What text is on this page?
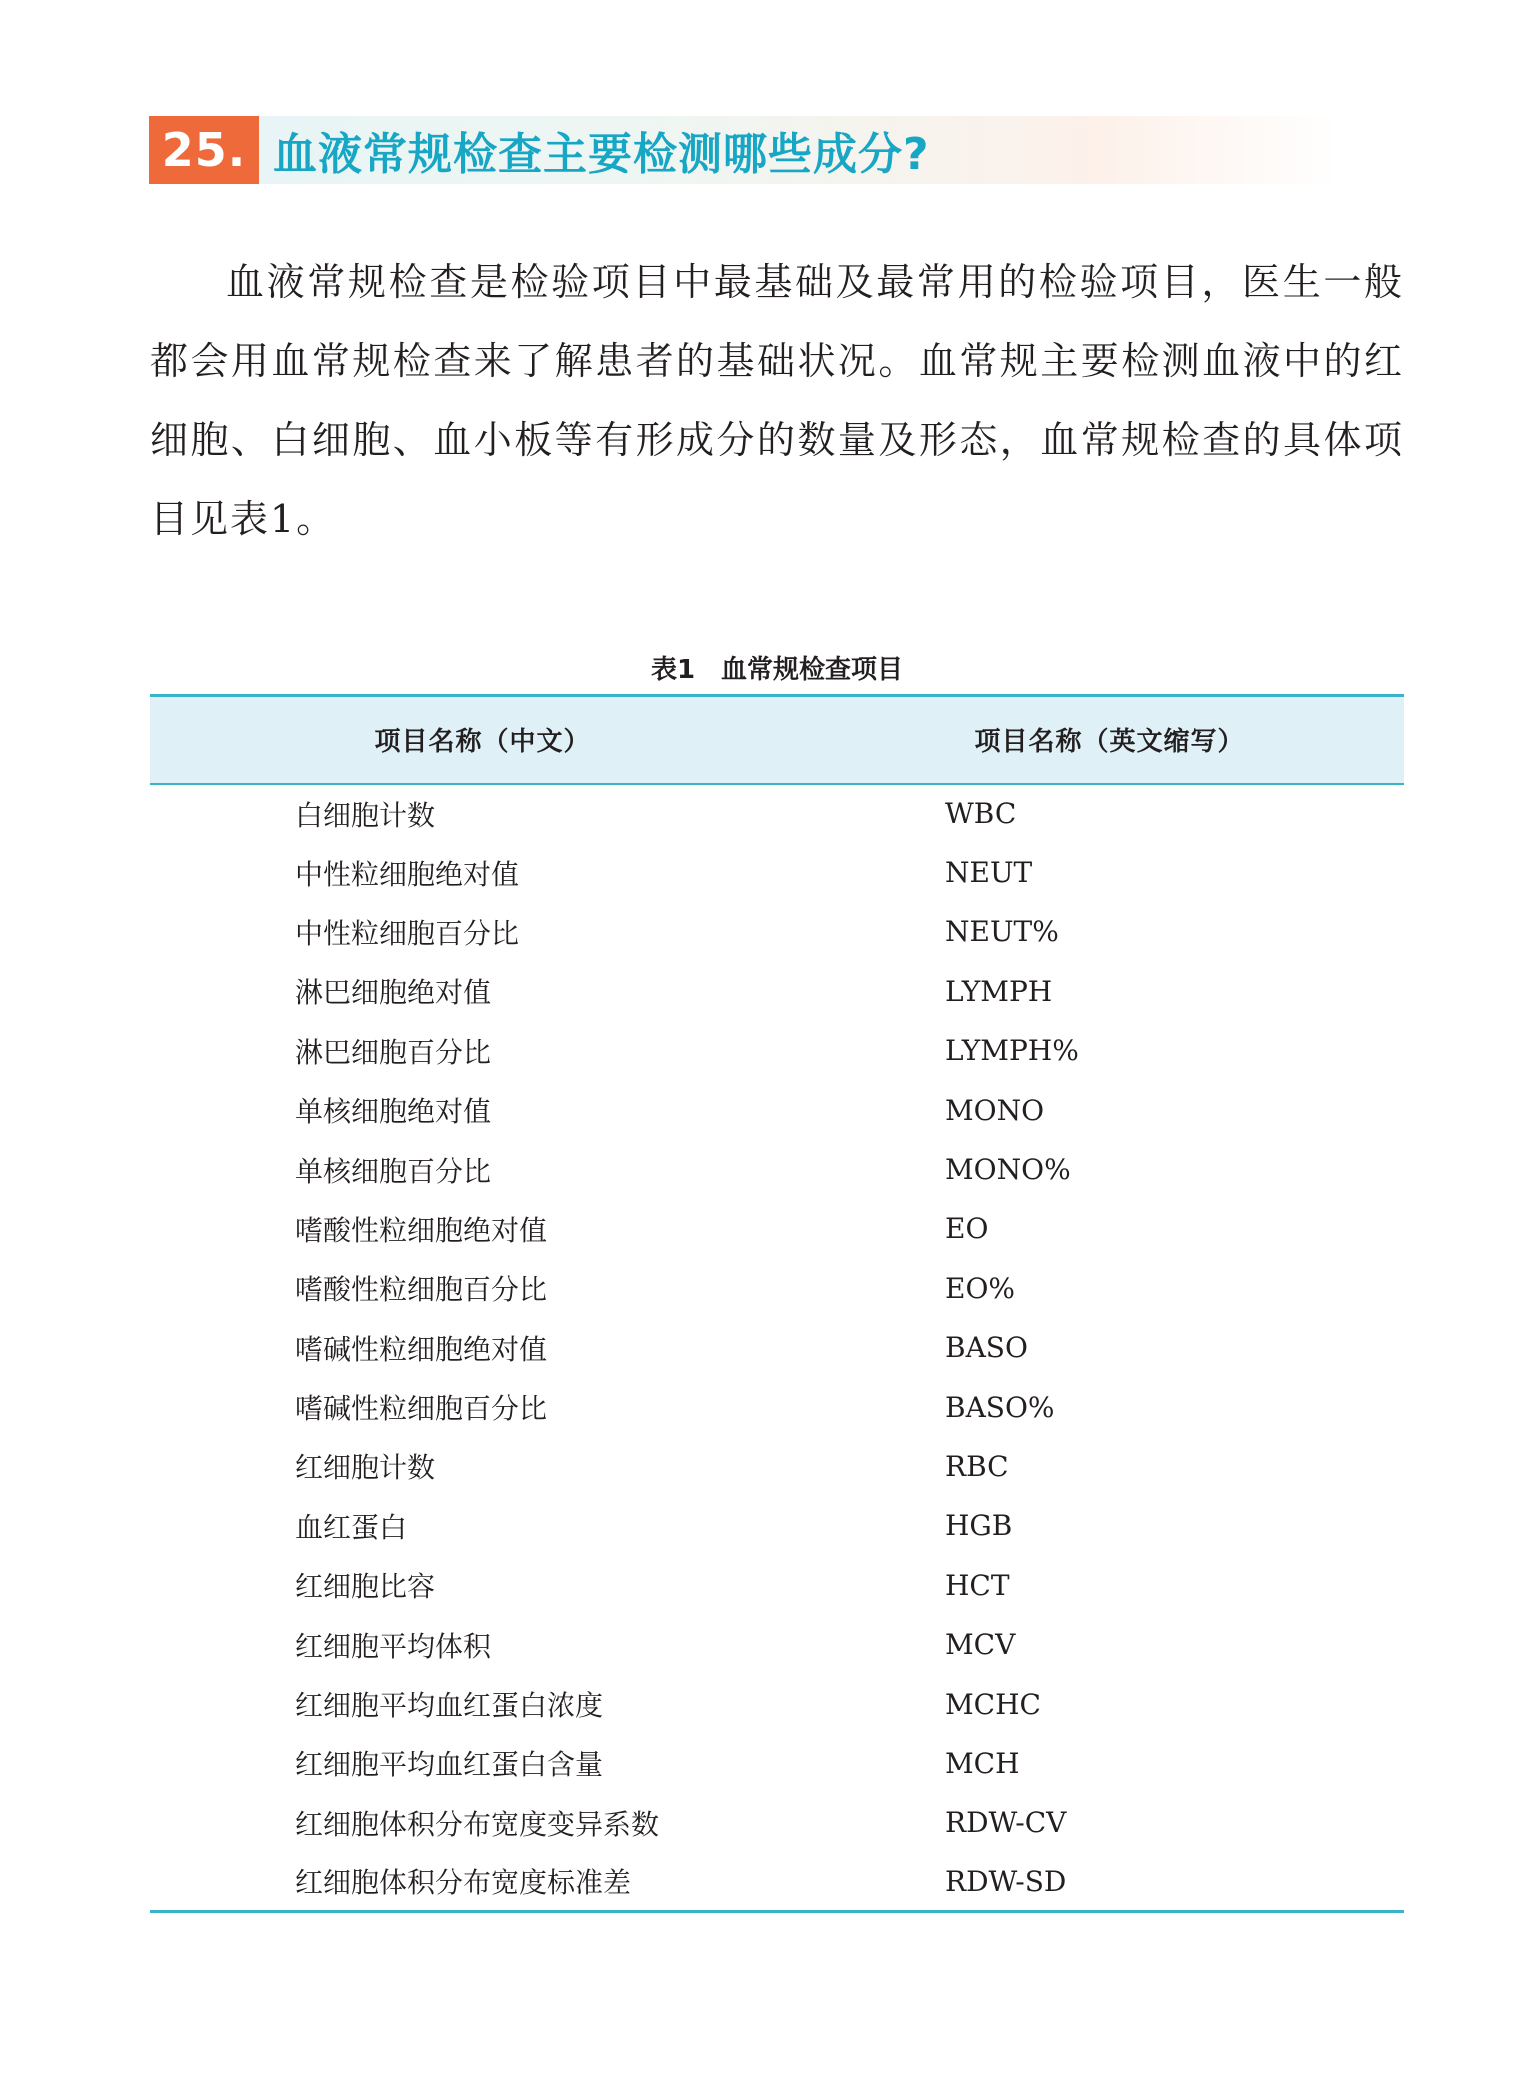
25. 血液常规检查主要检测哪些成分?

血液常规检查是检验项目中最基础及最常用的检验项目，医生一般都会用血常规检查来了解患者的基础状况。血常规主要检测血液中的红细胞、白细胞、血小板等有形成分的数量及形态，血常规检查的具体项目见表1。

表1　血常规检查项目
项目名称（中文）	项目名称（英文缩写）
白细胞计数	WBC
中性粒细胞绝对值	NEUT
中性粒细胞百分比	NEUT%
淋巴细胞绝对值	LYMPH
淋巴细胞百分比	LYMPH%
单核细胞绝对值	MONO
单核细胞百分比	MONO%
嗜酸性粒细胞绝对值	EO
嗜酸性粒细胞百分比	EO%
嗜碱性粒细胞绝对值	BASO
嗜碱性粒细胞百分比	BASO%
红细胞计数	RBC
血红蛋白	HGB
红细胞比容	HCT
红细胞平均体积	MCV
红细胞平均血红蛋白浓度	MCHC
红细胞平均血红蛋白含量	MCH
红细胞体积分布宽度变异系数	RDW-CV
红细胞体积分布宽度标准差	RDW-SD
